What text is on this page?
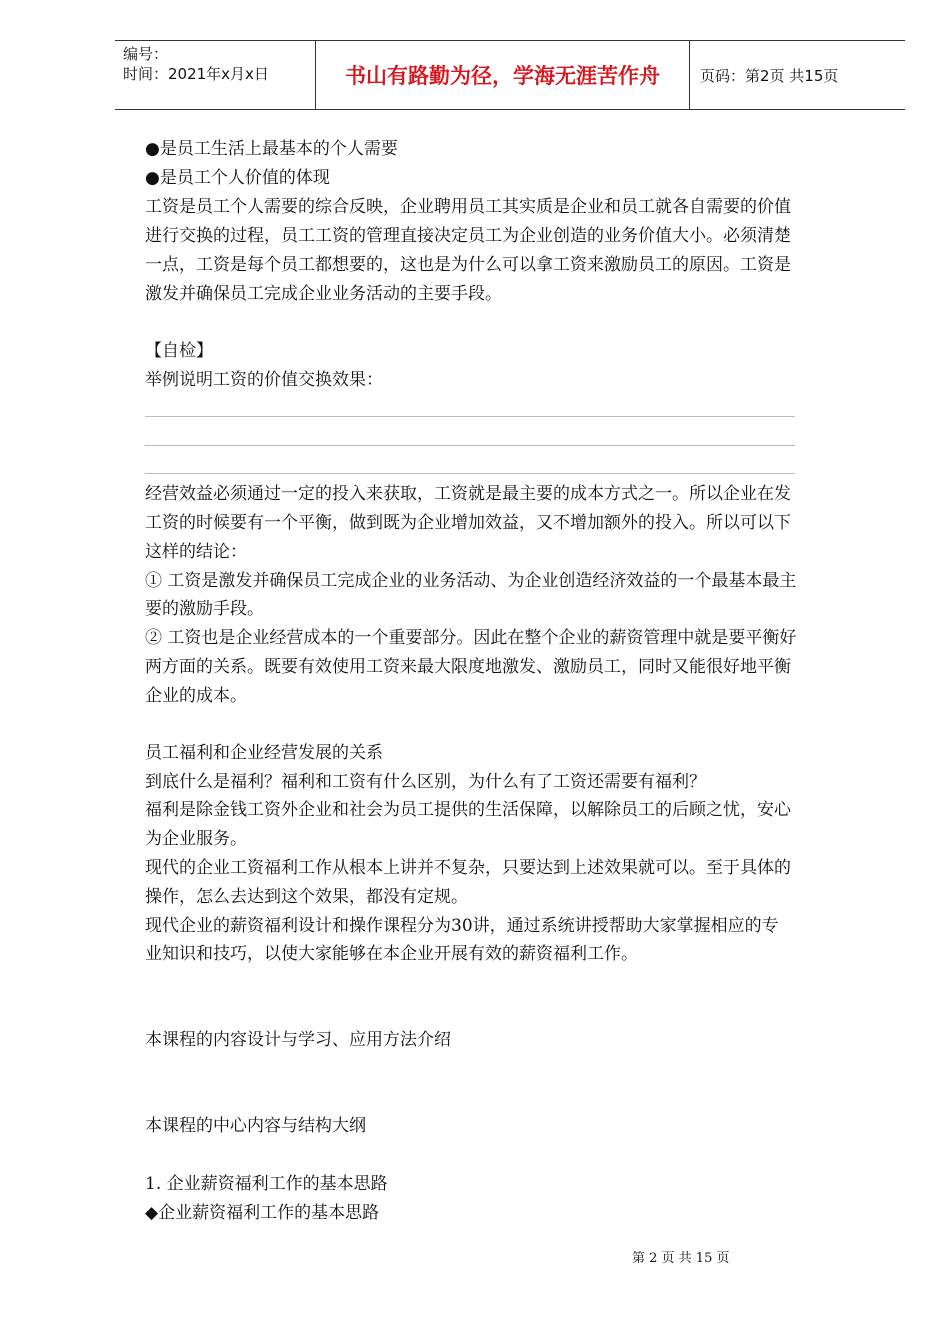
编号：
时间：2021年x月x日	书山有路勤为径，学海无涯苦作舟	页码：第2页 共15页
●是员工生活上最基本的个人需要
●是员工个人价值的体现
工资是员工个人需要的综合反映，企业聘用员工其实质是企业和员工就各自需要的价值
进行交换的过程，员工工资的管理直接决定员工为企业创造的业务价值大小。必须清楚
一点，工资是每个员工都想要的，这也是为什么可以拿工资来激励员工的原因。工资是
激发并确保员工完成企业业务活动的主要手段。
【自检】
举例说明工资的价值交换效果：
经营效益必须通过一定的投入来获取，工资就是最主要的成本方式之一。所以企业在发
工资的时候要有一个平衡，做到既为企业增加效益，又不增加额外的投入。所以可以下
这样的结论：
① 工资是激发并确保员工完成企业的业务活动、为企业创造经济效益的一个最基本最主
要的激励手段。
② 工资也是企业经营成本的一个重要部分。因此在整个企业的薪资管理中就是要平衡好
两方面的关系。既要有效使用工资来最大限度地激发、激励员工，同时又能很好地平衡
企业的成本。
员工福利和企业经营发展的关系
到底什么是福利？福利和工资有什么区别，为什么有了工资还需要有福利？
福利是除金钱工资外企业和社会为员工提供的生活保障，以解除员工的后顾之忧，安心
为企业服务。
现代的企业工资福利工作从根本上讲并不复杂，只要达到上述效果就可以。至于具体的
操作，怎么去达到这个效果，都没有定规。
现代企业的薪资福利设计和操作课程分为30讲，通过系统讲授帮助大家掌握相应的专
业知识和技巧，以使大家能够在本企业开展有效的薪资福利工作。
本课程的内容设计与学习、应用方法介绍
本课程的中心内容与结构大纲
1. 企业薪资福利工作的基本思路
◆企业薪资福利工作的基本思路
第 2 页 共 15 页
